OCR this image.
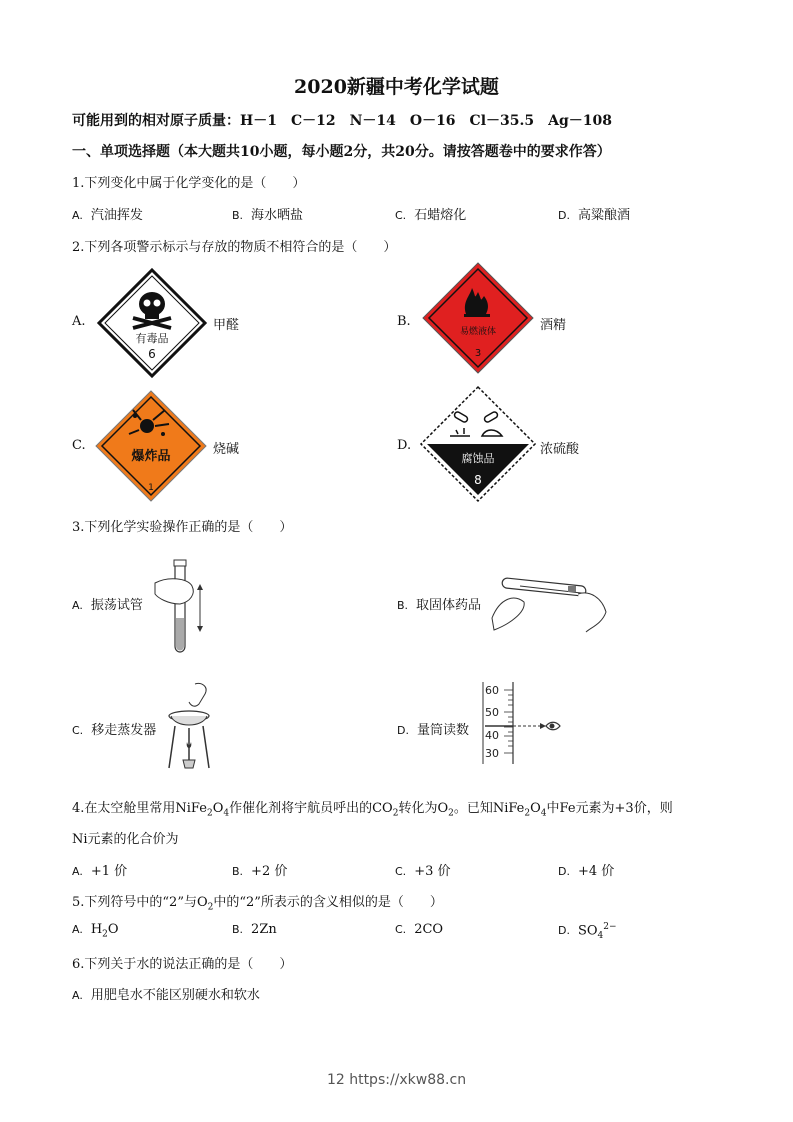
2020新疆中考化学试题
可能用到的相对原子质量：H－1　C－12　N－14　O－16　Cl－35.5　Ag－108
一、单项选择题（本大题共10小题，每小题2分，共20分。请按答题卷中的要求作答）
1.下列变化中属于化学变化的是（　　）
A. 汽油挥发	B. 海水晒盐	C. 石蜡熔化	D. 高粱酿酒
2.下列各项警示标示与存放的物质不相符合的是（　　）
A.
有毒品
6
甲醛	B.
易燃液体
3
酒精
C.
爆炸品
1
烧碱	D.
腐蚀品
8
浓硫酸
3.下列化学实验操作正确的是（　　）
A. 振荡试管	B. 取固体药品
C. 移走蒸发器	D. 量筒读数
60
50
40
30
4.在太空舱里常用$NiFe_2O_4$作催化剂将宇航员呼出的$CO_2$转化为$O_2$。已知$NiFe_2O_4$中Fe元素为+3价，则
Ni元素的化合价为
A. +1 价	B. +2 价	C. +3 价	D. +4 价
5.下列符号中的“2”与$O_2$中的“2”所表示的含义相似的是（　　）
A. $H_2O$	B. 2Zn	C. 2CO	D. $SO_4^{2-}$
6.下列关于水的说法正确的是（　　）
A. 用肥皂水不能区别硬水和软水
12 https://xkw88.cn
